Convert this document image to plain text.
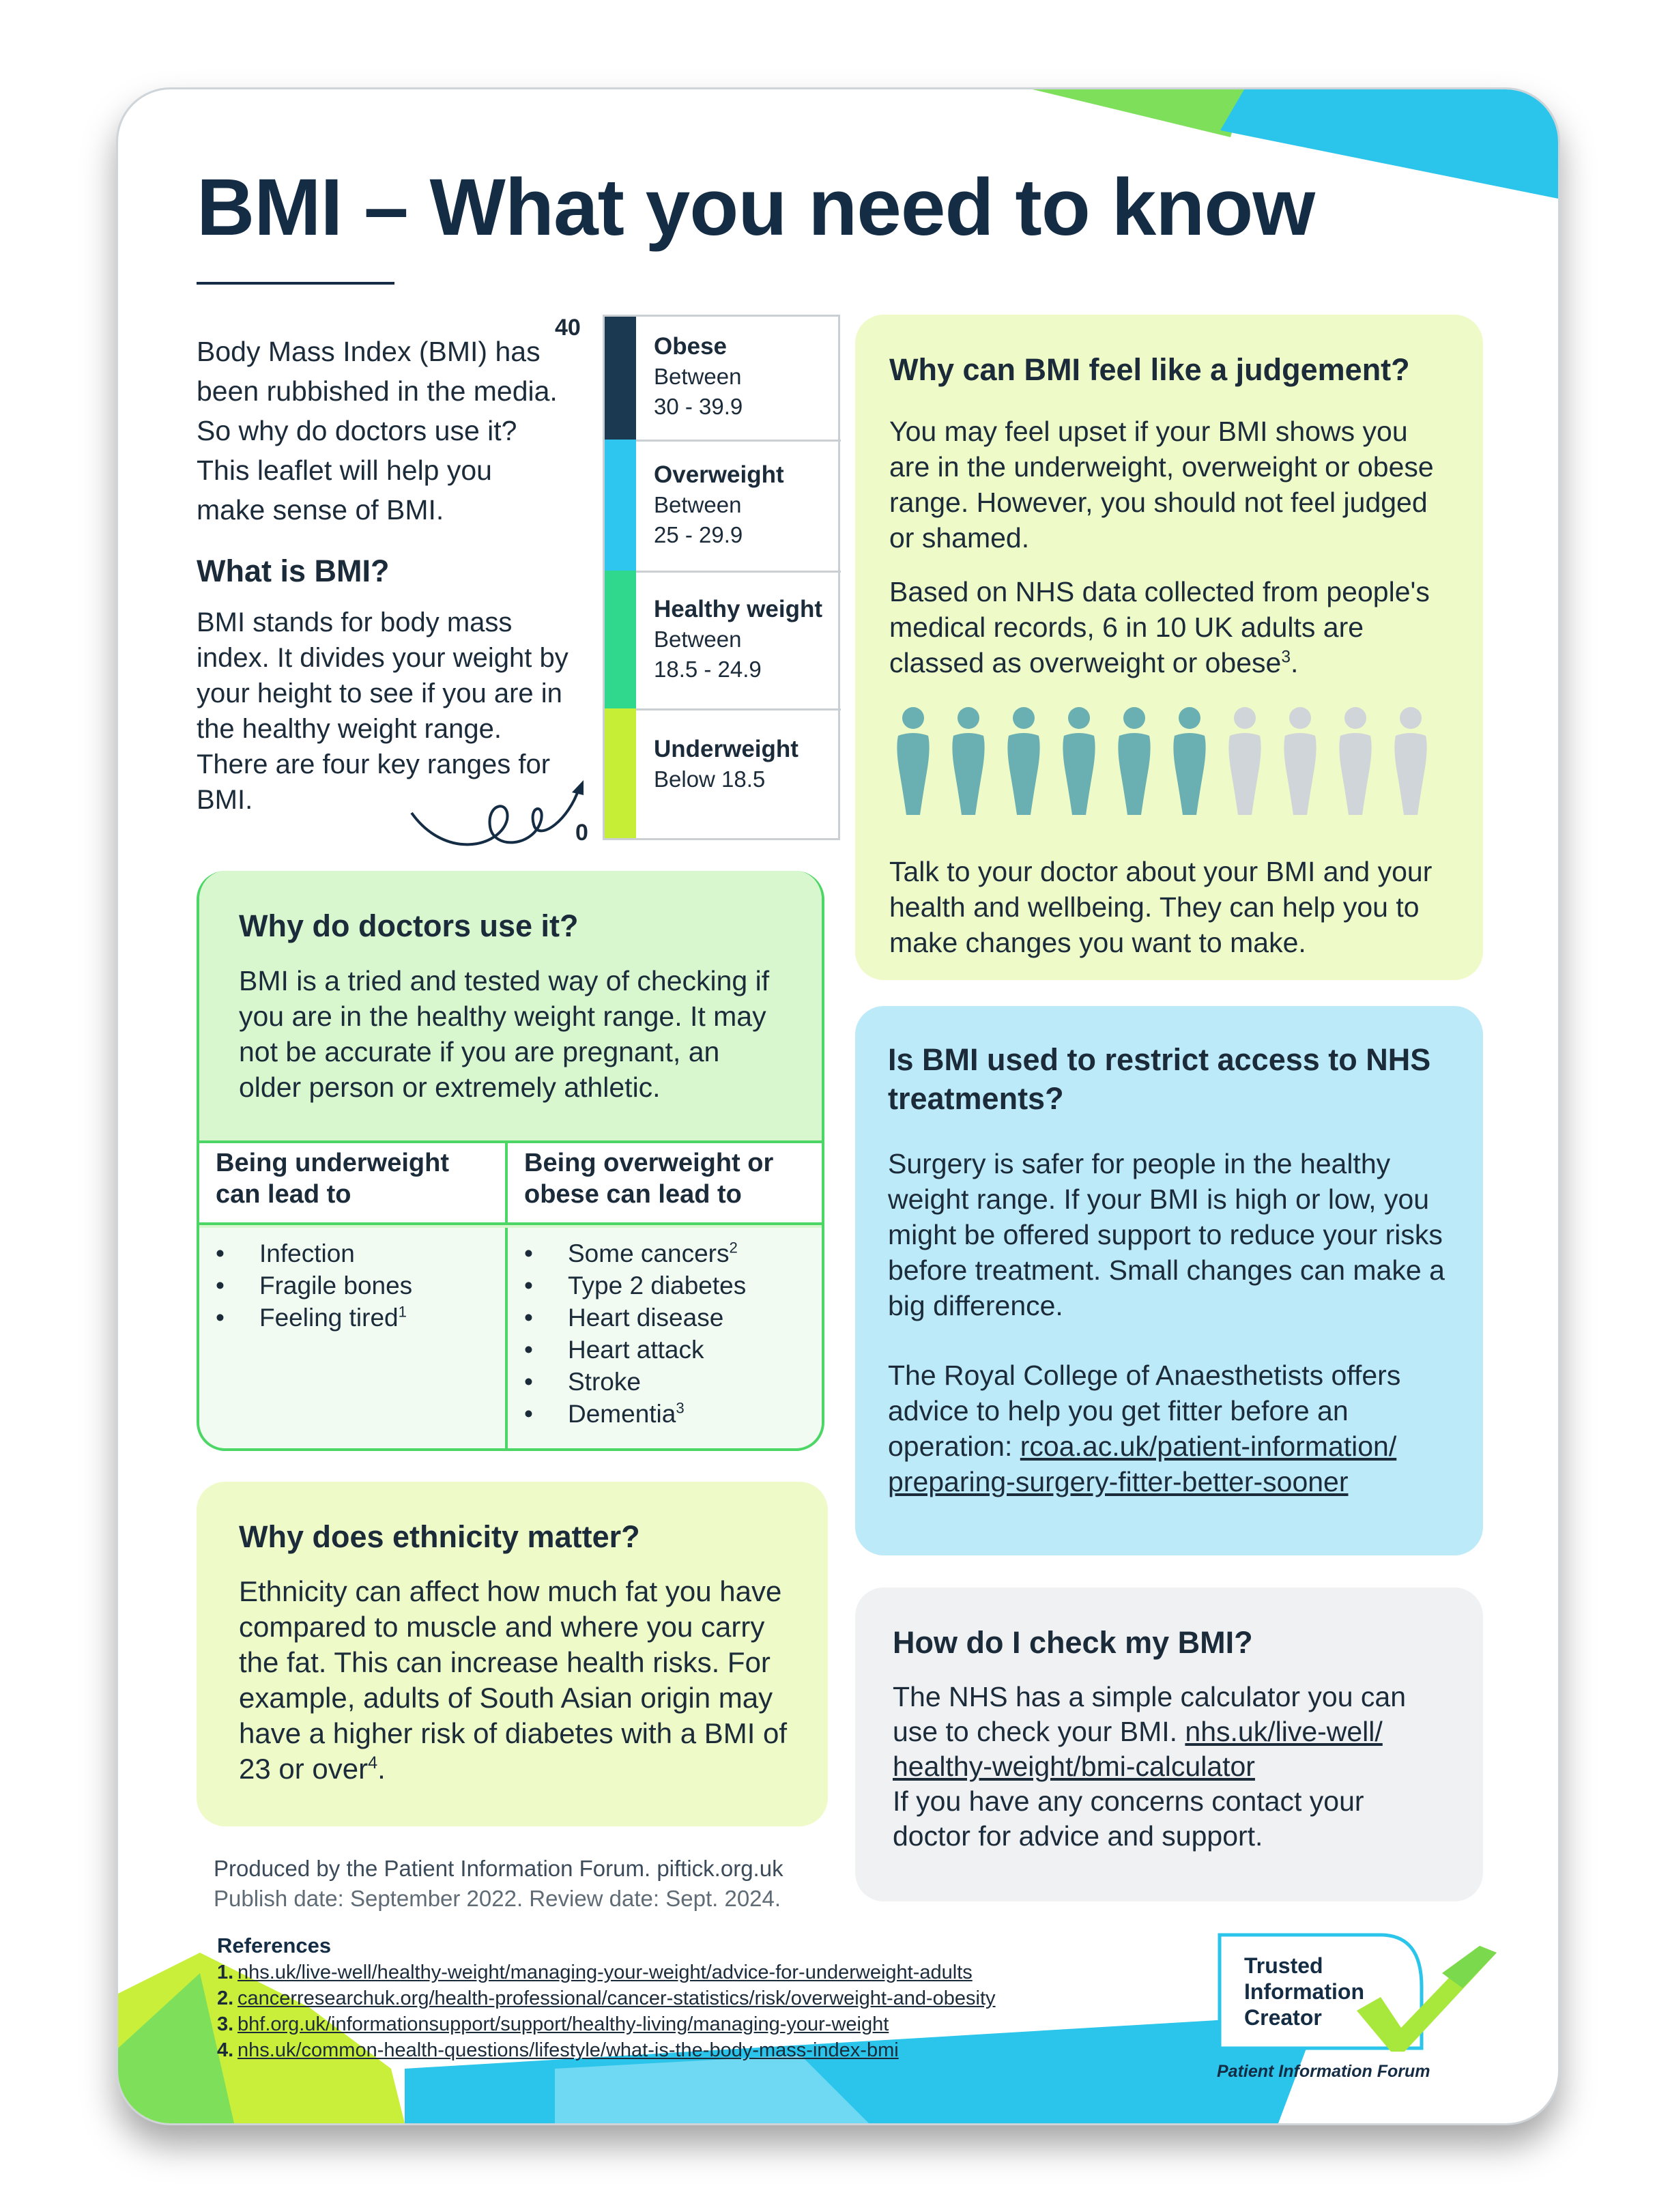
BMI – What you need to know

Body Mass Index (BMI) has been rubbished in the media. So why do doctors use it? This leaflet will help you make sense of BMI.

What is BMI?

BMI stands for body mass index. It divides your weight by your height to see if you are in the healthy weight range. There are four key ranges for BMI.

40
0
Obese
Between
30 - 39.9
Overweight
Between
25 - 29.9
Healthy weight
Between
18.5 - 24.9
Underweight
Below 18.5
Why do doctors use it?

BMI is a tried and tested way of checking if you are in the healthy weight range. It may not be accurate if you are pregnant, an older person or extremely athletic.

Being underweight can lead to
Being overweight or obese can lead to
• Infection
• Fragile bones
• Feeling tired$^1$
• Some cancers$^2$
• Type 2 diabetes
• Heart disease
• Heart attack
• Stroke
• Dementia$^3$
Why does ethnicity matter?

Ethnicity can affect how much fat you have compared to muscle and where you carry the fat. This can increase health risks. For example, adults of South Asian origin may have a higher risk of diabetes with a BMI of 23 or over$^4$.

Produced by the Patient Information Forum. piftick.org.uk
Publish date: September 2022. Review date: Sept. 2024.
Why can BMI feel like a judgement?

You may feel upset if your BMI shows you are in the underweight, overweight or obese range. However, you should not feel judged or shamed.

Based on NHS data collected from people's medical records, 6 in 10 UK adults are classed as overweight or obese$^3$.

Talk to your doctor about your BMI and your health and wellbeing. They can help you to make changes you want to make.

Is BMI used to restrict access to NHS treatments?

Surgery is safer for people in the healthy weight range. If your BMI is high or low, you might be offered support to reduce your risks before treatment. Small changes can make a big difference.

The Royal College of Anaesthetists offers advice to help you get fitter before an operation: rcoa.ac.uk/patient-information/
preparing-surgery-fitter-better-sooner

How do I check my BMI?

The NHS has a simple calculator you can use to check your BMI. nhs.uk/live-well/
healthy-weight/bmi-calculator
If you have any concerns contact your doctor for advice and support.

References
1. nhs.uk/live-well/healthy-weight/managing-your-weight/advice-for-underweight-adults
2. cancerresearchuk.org/health-professional/cancer-statistics/risk/overweight-and-obesity
3. bhf.org.uk/informationsupport/support/healthy-living/managing-your-weight
4. nhs.uk/common-health-questions/lifestyle/what-is-the-body-mass-index-bmi
Trusted
Information
Creator
Patient Information Forum
